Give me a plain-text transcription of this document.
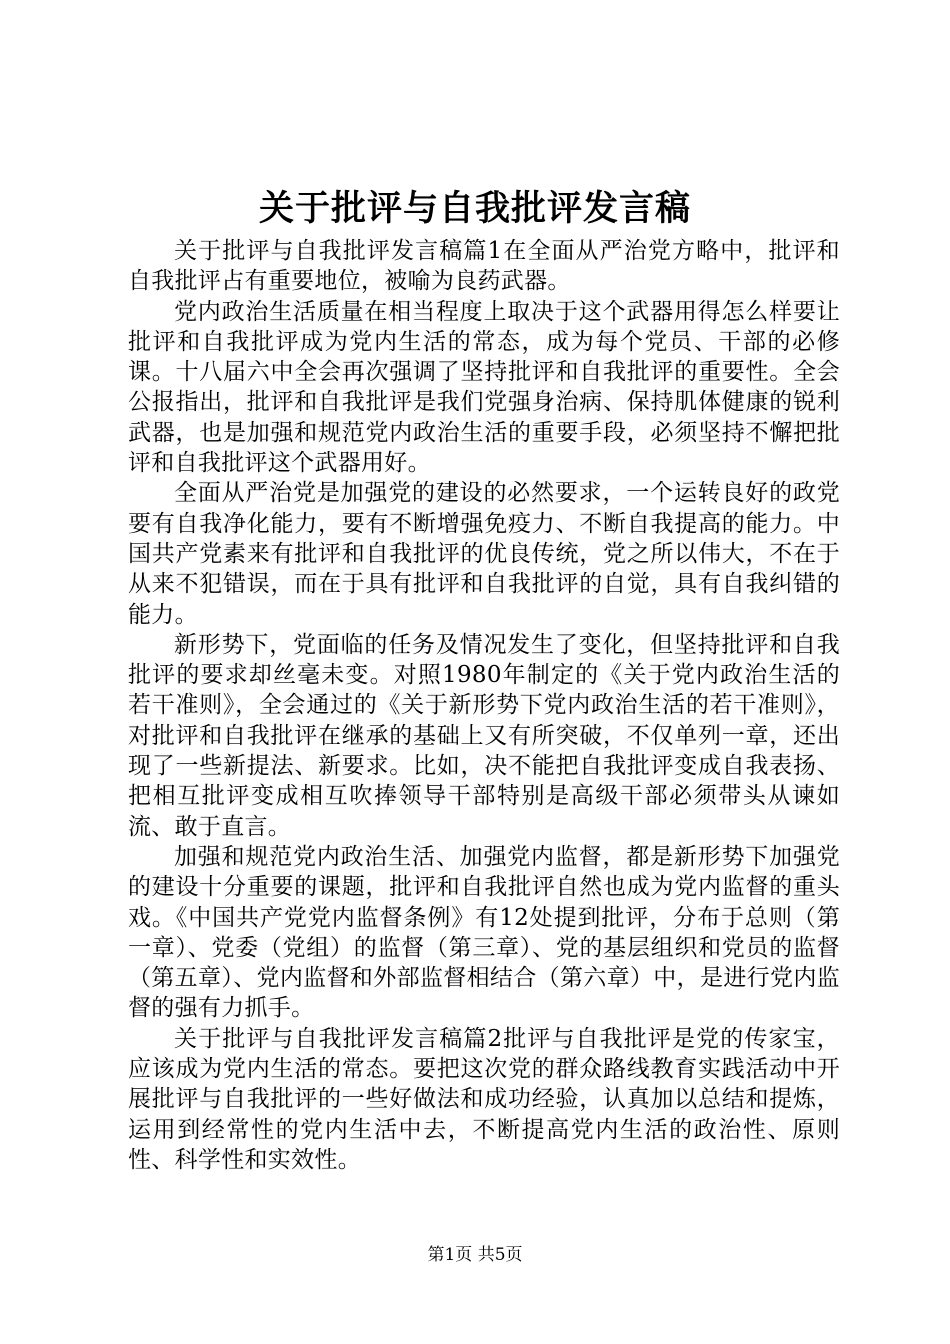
关于批评与自我批评发言稿

关于批评与自我批评发言稿篇1在全面从严治党方略中，批评和自我批评占有重要地位，被喻为良药武器。

党内政治生活质量在相当程度上取决于这个武器用得怎么样要让批评和自我批评成为党内生活的常态，成为每个党员、干部的必修课。十八届六中全会再次强调了坚持批评和自我批评的重要性。全会公报指出，批评和自我批评是我们党强身治病、保持肌体健康的锐利武器，也是加强和规范党内政治生活的重要手段，必须坚持不懈把批评和自我批评这个武器用好。

全面从严治党是加强党的建设的必然要求，一个运转良好的政党要有自我净化能力，要有不断增强免疫力、不断自我提高的能力。中国共产党素来有批评和自我批评的优良传统，党之所以伟大，不在于从来不犯错误，而在于具有批评和自我批评的自觉，具有自我纠错的能力。

新形势下，党面临的任务及情况发生了变化，但坚持批评和自我批评的要求却丝毫未变。对照1980年制定的《关于党内政治生活的若干准则》，全会通过的《关于新形势下党内政治生活的若干准则》，对批评和自我批评在继承的基础上又有所突破，不仅单列一章，还出现了一些新提法、新要求。比如，决不能把自我批评变成自我表扬、把相互批评变成相互吹捧领导干部特别是高级干部必须带头从谏如流、敢于直言。

加强和规范党内政治生活、加强党内监督，都是新形势下加强党的建设十分重要的课题，批评和自我批评自然也成为党内监督的重头戏。《中国共产党党内监督条例》有12处提到批评，分布于总则（第一章）、党委（党组）的监督（第三章）、党的基层组织和党员的监督（第五章）、党内监督和外部监督相结合（第六章）中，是进行党内监督的强有力抓手。

关于批评与自我批评发言稿篇2批评与自我批评是党的传家宝，应该成为党内生活的常态。要把这次党的群众路线教育实践活动中开展批评与自我批评的一些好做法和成功经验，认真加以总结和提炼，运用到经常性的党内生活中去，不断提高党内生活的政治性、原则性、科学性和实效性。

第1页 共5页
